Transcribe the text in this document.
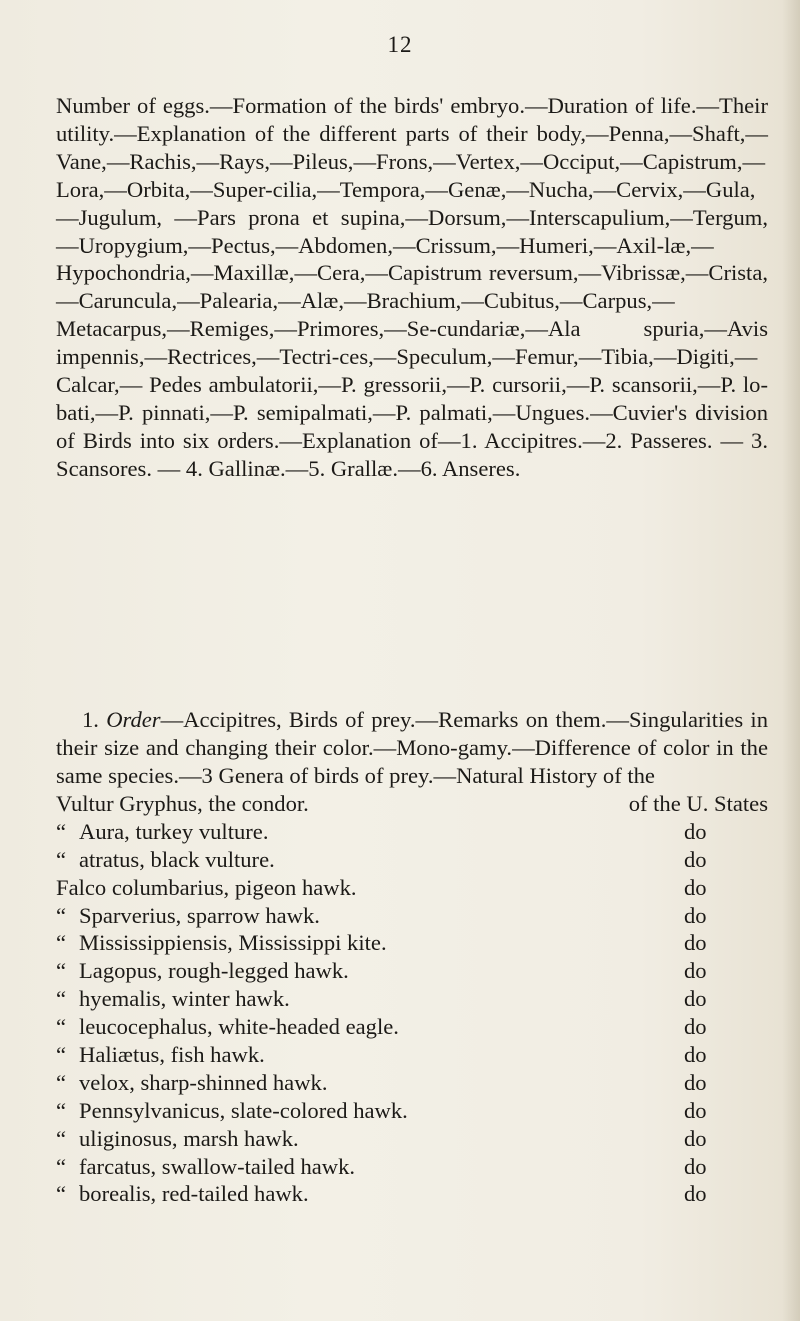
12
Number of eggs.—Formation of the birds' embryo.—Duration of life.—Their utility.—Explanation of the different parts of their body,—Penna,—Shaft,—Vane,—Rachis,—Rays,—Pileus,—Frons,—Vertex,—Occiput,—Capistrum,—Lora,—Orbita,—Super-cilia,—Tempora,—Genæ,—Nucha,—Cervix,—Gula,—Jugulum, —Pars prona et supina,—Dorsum,—Interscapulium,—Tergum, —Uropygium,—Pectus,—Abdomen,—Crissum,—Humeri,—Axil-læ,—Hypochondria,—Maxillæ,—Cera,—Capistrum reversum,—Vibrissæ,—Crista,—Caruncula,—Palearia,—Alæ,—Brachium,—Cubitus,—Carpus,—Metacarpus,—Remiges,—Primores,—Se-cundariæ,—Ala spuria,—Avis impennis,—Rectrices,—Tectri-ces,—Speculum,—Femur,—Tibia,—Digiti,—Calcar,— Pedes ambulatorii,—P. gressorii,—P. cursorii,—P. scansorii,—P. lo-bati,—P. pinnati,—P. semipalmati,—P. palmati,—Ungues.—Cuvier's division of Birds into six orders.—Explanation of—1. Accipitres.—2. Passeres. — 3. Scansores. — 4. Gallinæ.—5. Grallæ.—6. Anseres.
1. Order—Accipitres, Birds of prey.—Remarks on them.—Singularities in their size and changing their color.—Mono-gamy.—Difference of color in the same species.—3 Genera of birds of prey.—Natural History of the
Vultur Gryphus, the condor.	of the U. States
“ Aura, turkey vulture.	do
“ atratus, black vulture.	do
Falco columbarius, pigeon hawk.	do
“ Sparverius, sparrow hawk.	do
“ Mississippiensis, Mississippi kite.	do
“ Lagopus, rough-legged hawk.	do
“ hyemalis, winter hawk.	do
“ leucocephalus, white-headed eagle.	do
“ Haliætus, fish hawk.	do
“ velox, sharp-shinned hawk.	do
“ Pennsylvanicus, slate-colored hawk.	do
“ uliginosus, marsh hawk.	do
“ farcatus, swallow-tailed hawk.	do
“ borealis, red-tailed hawk.	do
